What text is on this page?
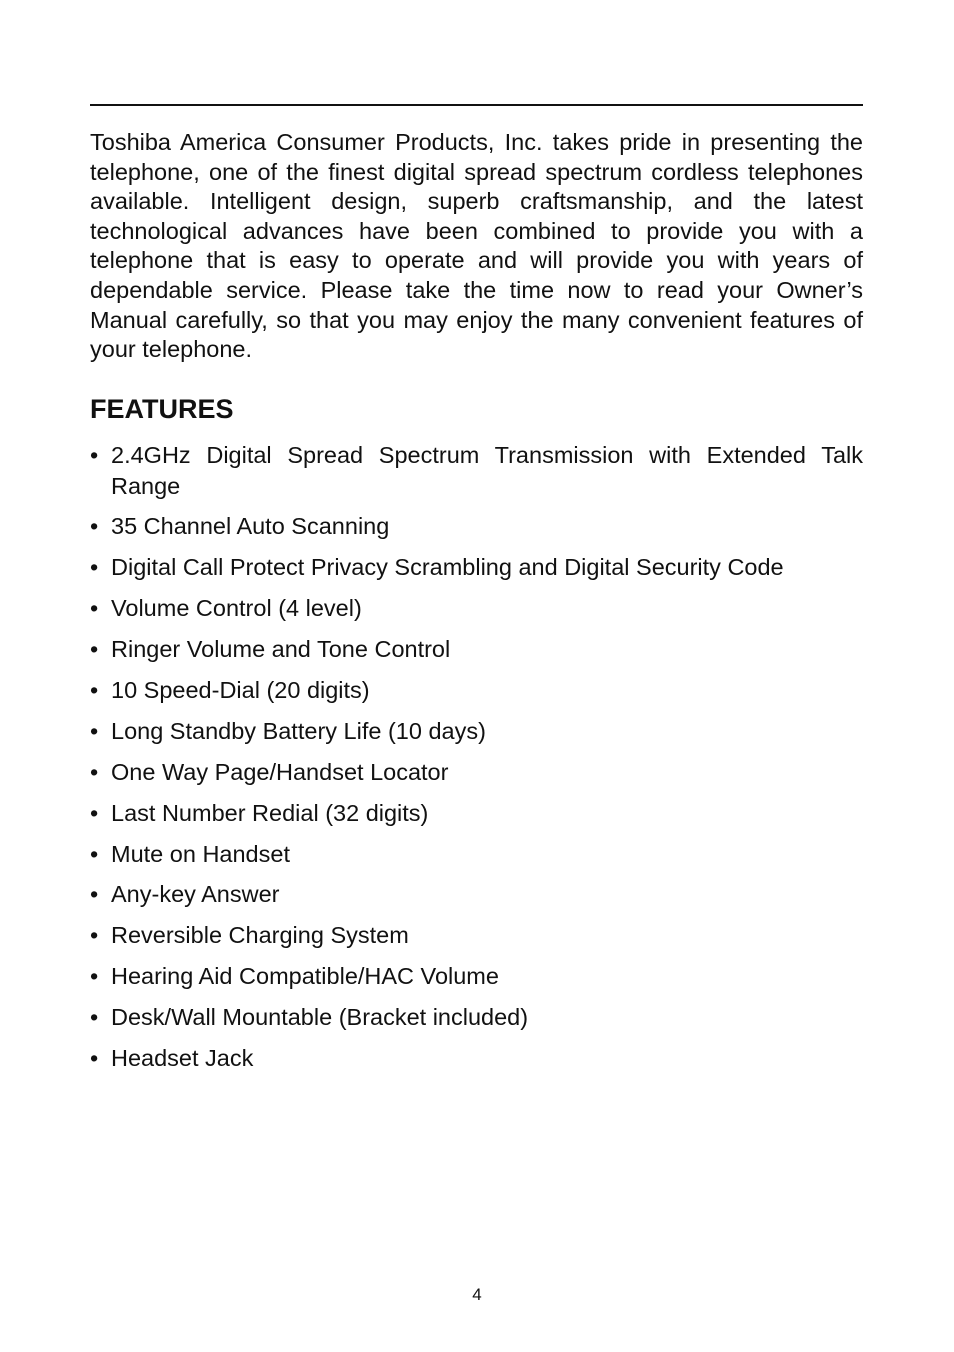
Toshiba America Consumer Products, Inc. takes pride in presenting the telephone, one of the finest digital spread spectrum cordless telephones available. Intelligent design, superb craftsmanship, and the latest technological advances have been combined to provide you with a telephone that is easy to operate and will provide you with years of dependable service. Please take the time now to read your Owner’s Manual carefully, so that you may enjoy the many convenient features of your telephone.

FEATURES
• 2.4GHz Digital Spread Spectrum Transmission with Extended Talk Range
• 35 Channel Auto Scanning
• Digital Call Protect Privacy Scrambling and Digital Security Code
• Volume Control (4 level)
• Ringer Volume and Tone Control
• 10 Speed-Dial (20 digits)
• Long Standby Battery Life (10 days)
• One Way Page/Handset Locator
• Last Number Redial (32 digits)
• Mute on Handset
• Any-key Answer
• Reversible Charging System
• Hearing Aid Compatible/HAC Volume
• Desk/Wall Mountable (Bracket included)
• Headset Jack
4
